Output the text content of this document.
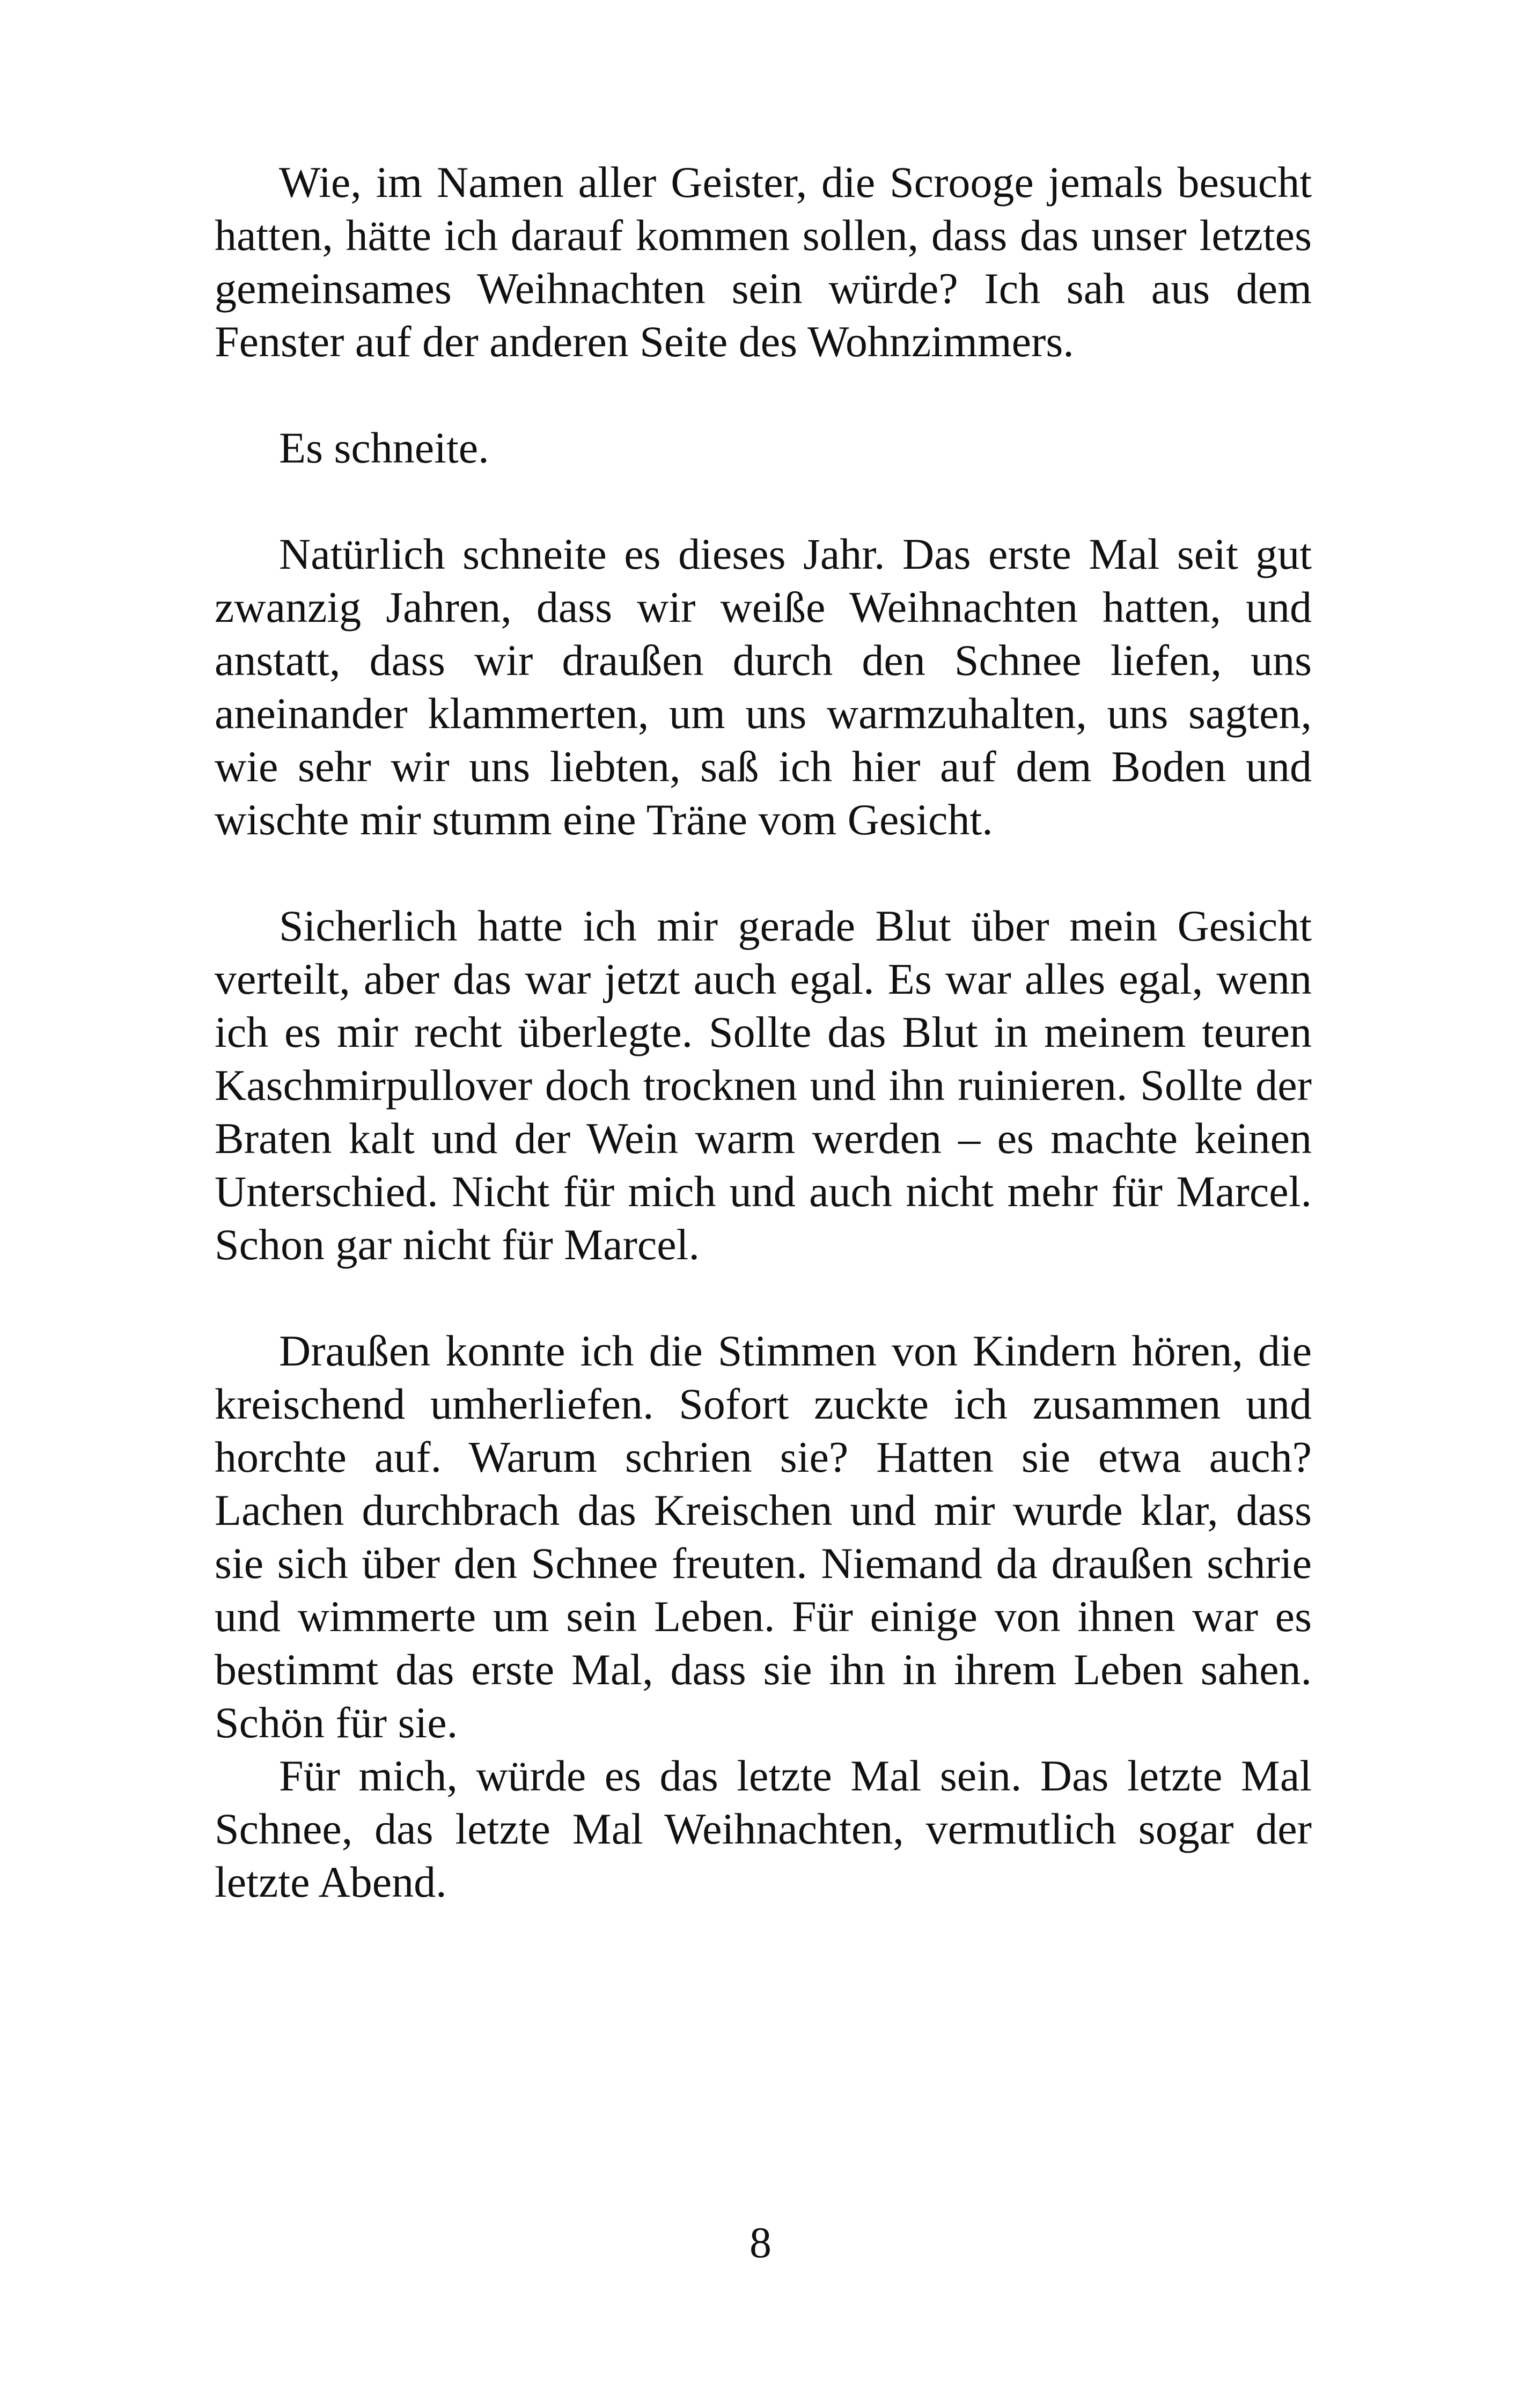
Wie, im Namen aller Geister, die Scrooge jemals besucht hatten, hätte ich darauf kommen sollen, dass das unser letztes gemeinsames Weihnachten sein würde? Ich sah aus dem Fenster auf der anderen Seite des Wohnzimmers.

Es schneite.

Natürlich schneite es dieses Jahr. Das erste Mal seit gut zwanzig Jahren, dass wir weiße Weihnachten hatten, und anstatt, dass wir draußen durch den Schnee liefen, uns aneinander klammerten, um uns warmzuhalten, uns sagten, wie sehr wir uns liebten, saß ich hier auf dem Boden und wischte mir stumm eine Träne vom Gesicht.

Sicherlich hatte ich mir gerade Blut über mein Gesicht verteilt, aber das war jetzt auch egal. Es war alles egal, wenn ich es mir recht überlegte. Sollte das Blut in meinem teuren Kaschmirpullover doch trocknen und ihn ruinieren. Sollte der Braten kalt und der Wein warm werden – es machte keinen Unterschied. Nicht für mich und auch nicht mehr für Marcel. Schon gar nicht für Marcel.

Draußen konnte ich die Stimmen von Kindern hören, die kreischend umherliefen. Sofort zuckte ich zusammen und horchte auf. Warum schrien sie? Hatten sie etwa auch? Lachen durchbrach das Kreischen und mir wurde klar, dass sie sich über den Schnee freuten. Niemand da draußen schrie und wimmerte um sein Leben. Für einige von ihnen war es bestimmt das erste Mal, dass sie ihn in ihrem Leben sahen. Schön für sie.

Für mich, würde es das letzte Mal sein. Das letzte Mal Schnee, das letzte Mal Weihnachten, vermutlich sogar der letzte Abend.

8
